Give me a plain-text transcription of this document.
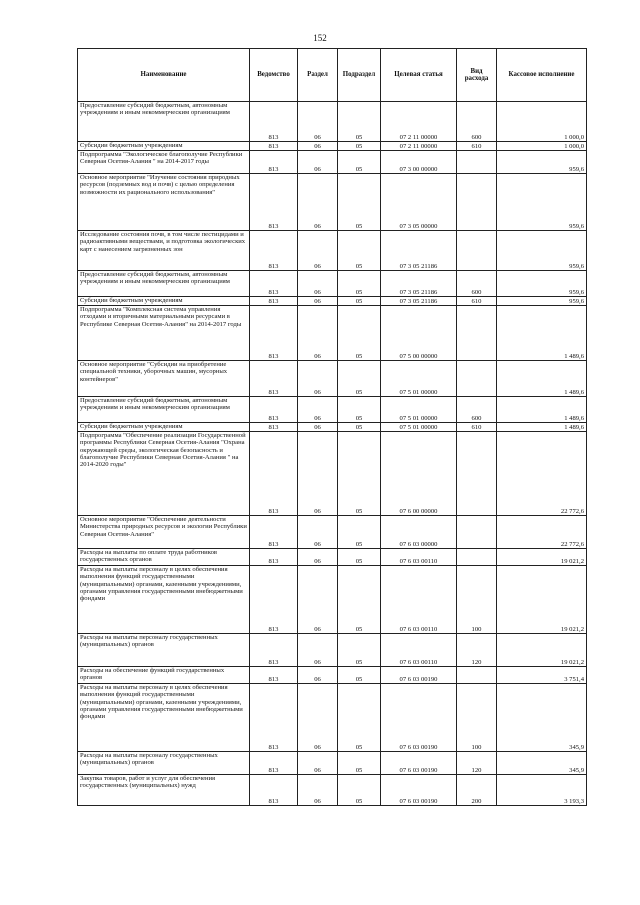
152
Наименование	Ведомство	Раздел	Подраздел	Целевая статья	Вид расхода	Кассовое исполнение
Предоставление субсидий бюджетным, автономным учреждениям и иным некоммерческим организациям	813	06	05	07 2 11 00000	600	1 000,0
Субсидии бюджетным учреждениям	813	06	05	07 2 11 00000	610	1 000,0
Подпрограмма "Экологическое благополучие Республики Северная Осетия-Алания " на 2014-2017 годы	813	06	05	07 3 00 00000		959,6
Основное мероприятие "Изучение состояния природных ресурсов (подземных вод и почв) с целью определения возможности их рационального использования"	813	06	05	07 3 05 00000		959,6
Исследование состояния почв, в том числе пестицидами и радиоактивными веществами, и подготовка экологических карт с нанесением загрязненных зон	813	06	05	07 3 05 21186		959,6
Предоставление субсидий бюджетным, автономным учреждениям и иным некоммерческим организациям	813	06	05	07 3 05 21186	600	959,6
Субсидии бюджетным учреждениям	813	06	05	07 3 05 21186	610	959,6
Подпрограмма "Комплексная система управления отходами и вторичными материальными ресурсами в Республике Северная Осетия-Алания" на 2014-2017 годы	813	06	05	07 5 00 00000		1 489,6
Основное мероприятие "Субсидии на приобретение специальной техники, уборочных машин, мусорных контейнеров"	813	06	05	07 5 01 00000		1 489,6
Предоставление субсидий бюджетным, автономным учреждениям и иным некоммерческим организациям	813	06	05	07 5 01 00000	600	1 489,6
Субсидии бюджетным учреждениям	813	06	05	07 5 01 00000	610	1 489,6
Подпрограмма "Обеспечение реализации Государственной программы Республики Северная Осетия-Алания "Охрана окружающей среды, экологическая безопасность и благополучие Республики Северная Осетия-Алания " на 2014-2020 годы"	813	06	05	07 6 00 00000		22 772,6
Основное мероприятие "Обеспечение деятельности Министерства природных ресурсов и экологии Республики Северная Осетия-Алания"	813	06	05	07 6 03 00000		22 772,6
Расходы на выплаты по оплате труда работников государственных органов	813	06	05	07 6 03 00110		19 021,2
Расходы на выплаты персоналу в целях обеспечения выполнения функций государственными (муниципальными) органами, казенными учреждениями, органами управления государственными внебюджетными фондами	813	06	05	07 6 03 00110	100	19 021,2
Расходы на выплаты персоналу государственных (муниципальных) органов	813	06	05	07 6 03 00110	120	19 021,2
Расходы на обеспечение функций государственных органов	813	06	05	07 6 03 00190		3 751,4
Расходы на выплаты персоналу в целях обеспечения выполнения функций государственными (муниципальными) органами, казенными учреждениями, органами управления государственными внебюджетными фондами	813	06	05	07 6 03 00190	100	345,9
Расходы на выплаты персоналу государственных (муниципальных) органов	813	06	05	07 6 03 00190	120	345,9
Закупка товаров, работ и услуг для обеспечения государственных (муниципальных) нужд	813	06	05	07 6 03 00190	200	3 193,3
